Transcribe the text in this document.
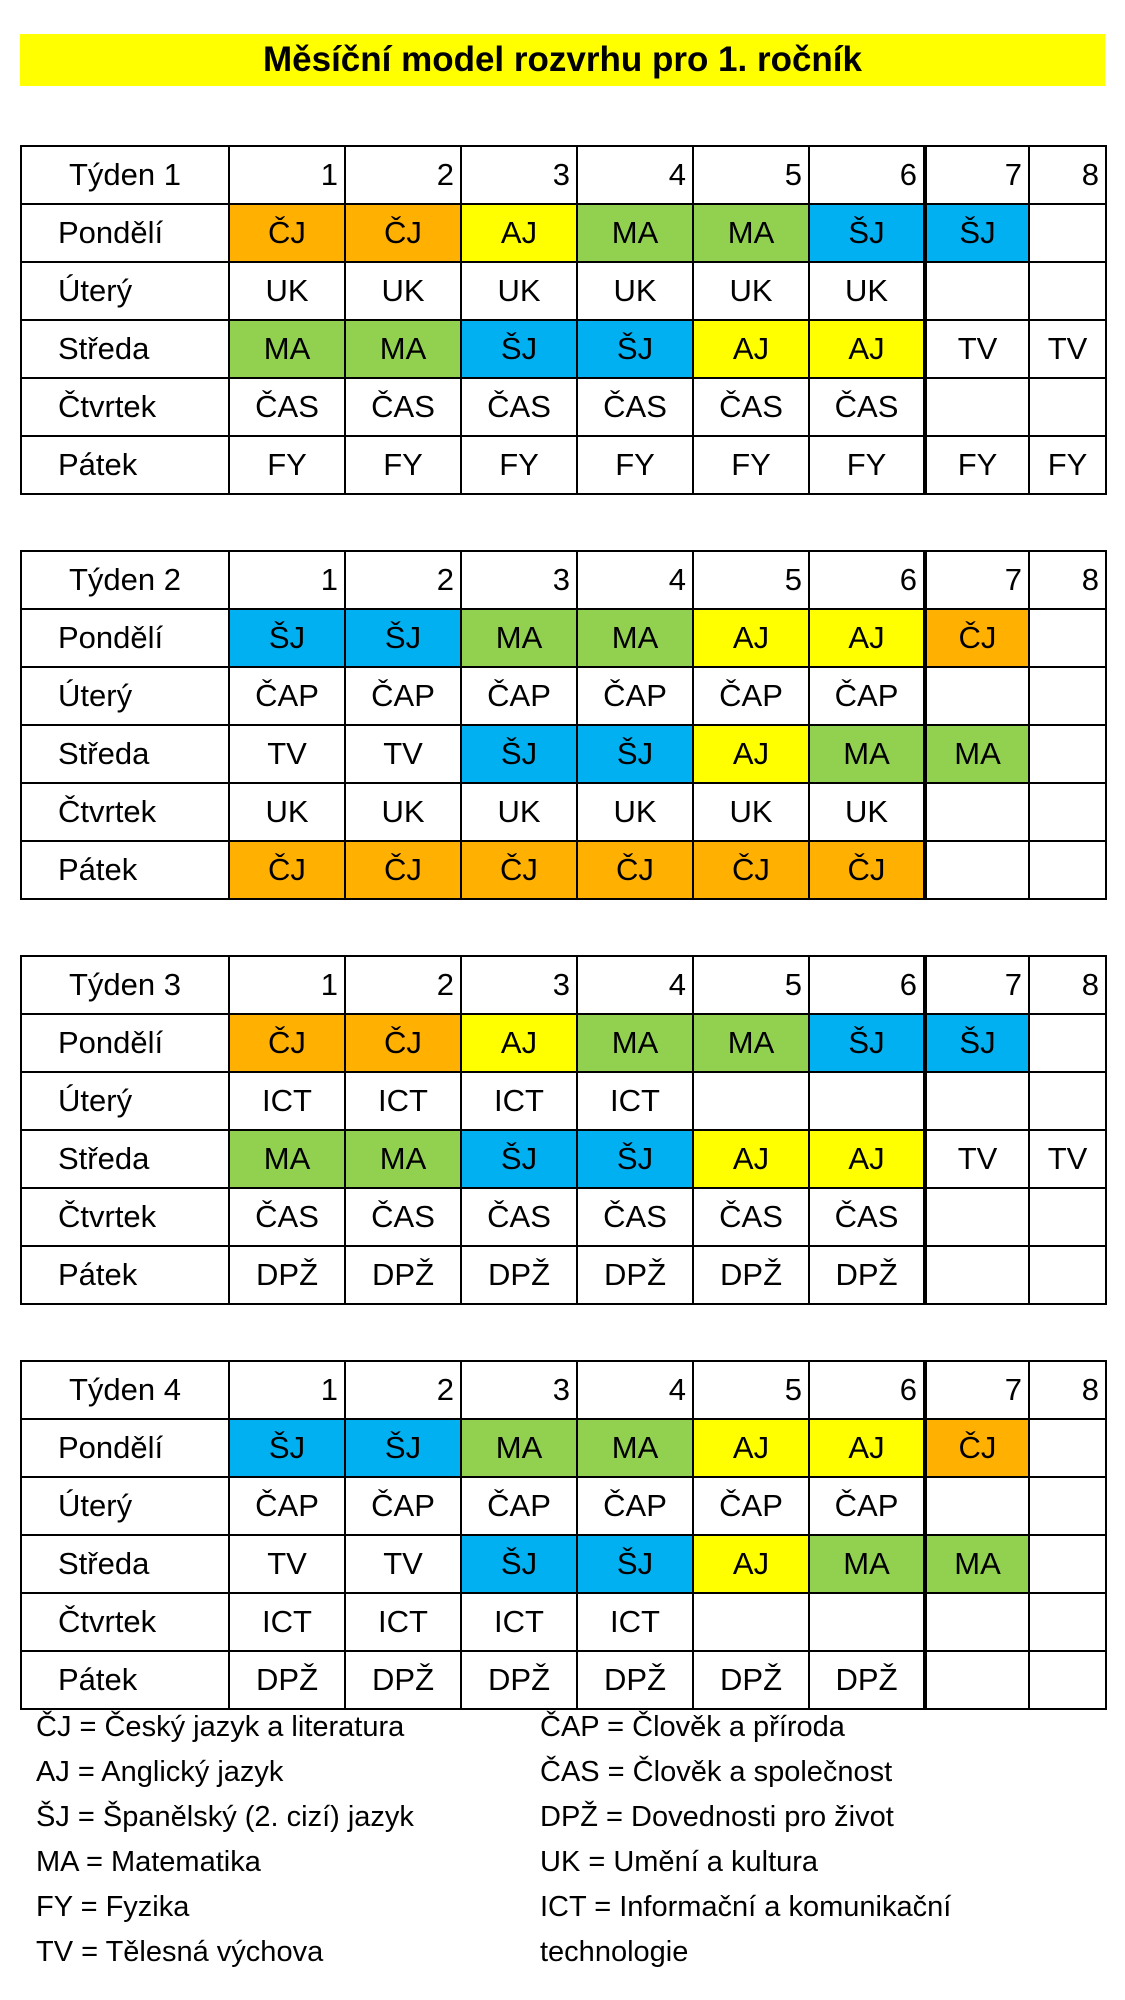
Měsíční model rozvrhu pro 1. ročník
Týden 1	1	2	3	4	5	6	7	8
Pondělí	ČJ	ČJ	AJ	MA	MA	ŠJ	ŠJ	
Úterý	UK	UK	UK	UK	UK	UK		
Středa	MA	MA	ŠJ	ŠJ	AJ	AJ	TV	TV
Čtvrtek	ČAS	ČAS	ČAS	ČAS	ČAS	ČAS		
Pátek	FY	FY	FY	FY	FY	FY	FY	FY
Týden 2	1	2	3	4	5	6	7	8
Pondělí	ŠJ	ŠJ	MA	MA	AJ	AJ	ČJ	
Úterý	ČAP	ČAP	ČAP	ČAP	ČAP	ČAP		
Středa	TV	TV	ŠJ	ŠJ	AJ	MA	MA	
Čtvrtek	UK	UK	UK	UK	UK	UK		
Pátek	ČJ	ČJ	ČJ	ČJ	ČJ	ČJ		
Týden 3	1	2	3	4	5	6	7	8
Pondělí	ČJ	ČJ	AJ	MA	MA	ŠJ	ŠJ	
Úterý	ICT	ICT	ICT	ICT				
Středa	MA	MA	ŠJ	ŠJ	AJ	AJ	TV	TV
Čtvrtek	ČAS	ČAS	ČAS	ČAS	ČAS	ČAS		
Pátek	DPŽ	DPŽ	DPŽ	DPŽ	DPŽ	DPŽ		
Týden 4	1	2	3	4	5	6	7	8
Pondělí	ŠJ	ŠJ	MA	MA	AJ	AJ	ČJ	
Úterý	ČAP	ČAP	ČAP	ČAP	ČAP	ČAP		
Středa	TV	TV	ŠJ	ŠJ	AJ	MA	MA	
Čtvrtek	ICT	ICT	ICT	ICT				
Pátek	DPŽ	DPŽ	DPŽ	DPŽ	DPŽ	DPŽ		
ČJ = Český jazyk a literatura
AJ = Anglický jazyk
ŠJ = Španělský (2. cizí) jazyk
MA = Matematika
FY = Fyzika
TV = Tělesná výchova
ČAP = Člověk a příroda
ČAS = Člověk a společnost
DPŽ = Dovednosti pro život
UK = Umění a kultura
ICT = Informační a komunikační technologie
